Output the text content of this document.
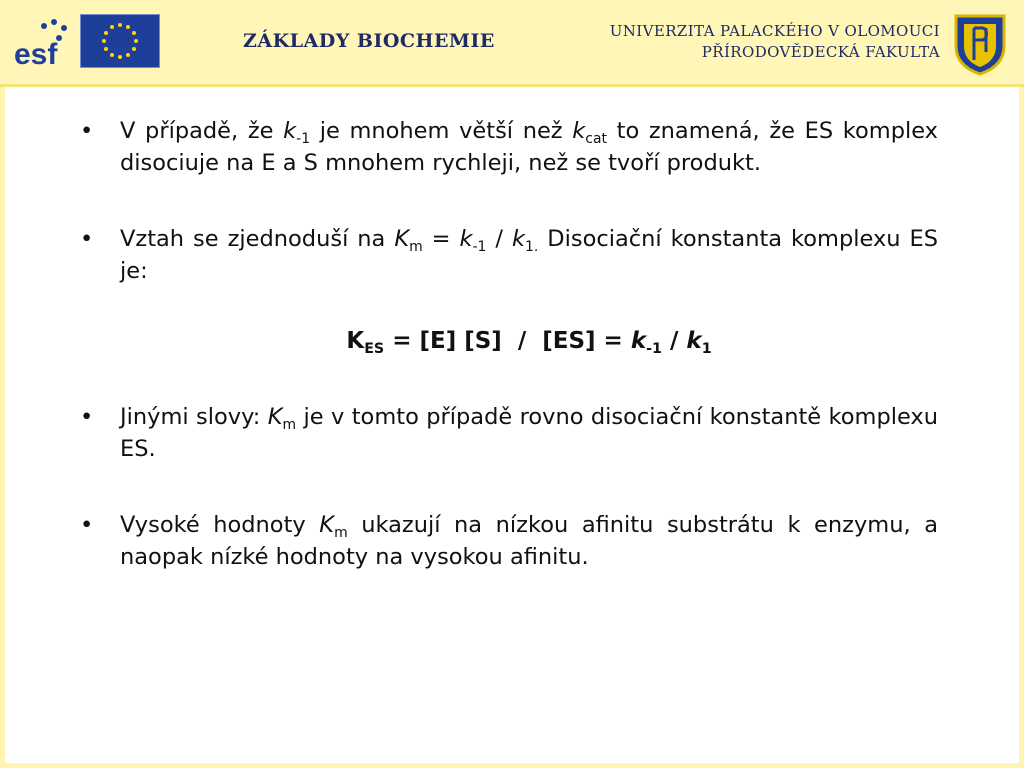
esf	ZÁKLADY BIOCHEMIE	UNIVERZITA PALACKÉHO V OLOMOUCI
PŘÍRODOVĚDECKÁ FAKULTA
• V případě, že $k_{-1}$ je mnohem větší než $k_{cat}$ to znamená, že ES komplex disociuje na E a S mnohem rychleji, než se tvoří produkt.
• Vztah se zjednoduší na $K_m = k_{-1} / k_{1.}$ Disociační konstanta komplexu ES je:
$K_{ES} = [E]$ $[S] / [ES] = k_{-1} / k_1$
• Jinými slovy: $K_m$ je v tomto případě rovno disociační konstantě komplexu ES.
• Vysoké hodnoty $K_m$ ukazují na nízkou afinitu substrátu k enzymu, a naopak nízké hodnoty na vysokou afinitu.
